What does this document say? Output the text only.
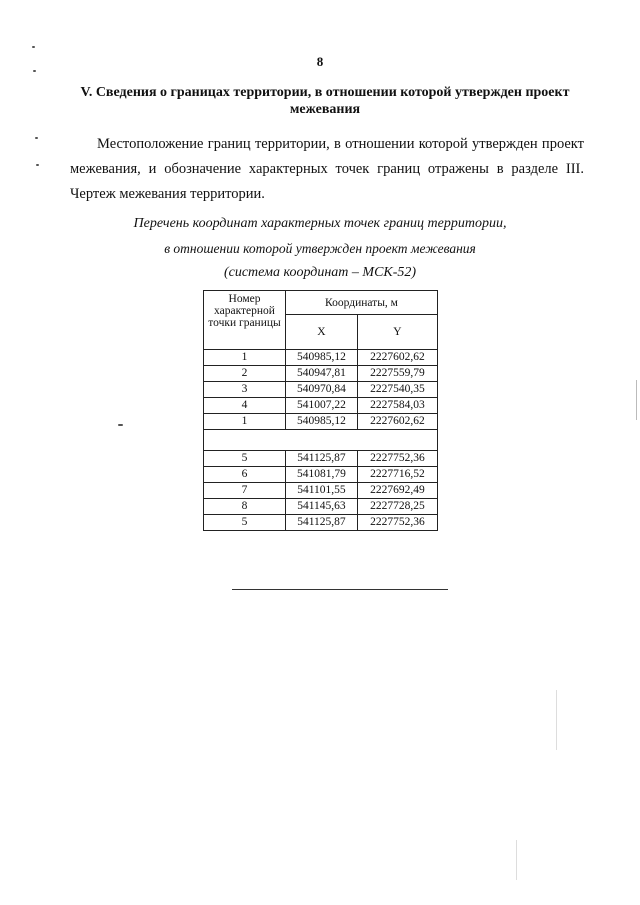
8
V. Сведения о границах территории, в отношении которой утвержден проект межевания
Местоположение границ территории, в отношении которой утвержден проект межевания, и обозначение характерных точек границ отражены в разделе III. Чертеж межевания территории.
Перечень координат характерных точек границ территории,
в отношении которой утвержден проект межевания
(система координат – МСК-52)
Номер характерной точки границы	Координаты, м	
	X	Y
1	540985,12	2227602,62
2	540947,81	2227559,79
3	540970,84	2227540,35
4	541007,22	2227584,03
1	540985,12	2227602,62

5	541125,87	2227752,36
6	541081,79	2227716,52
7	541101,55	2227692,49
8	541145,63	2227728,25
5	541125,87	2227752,36
